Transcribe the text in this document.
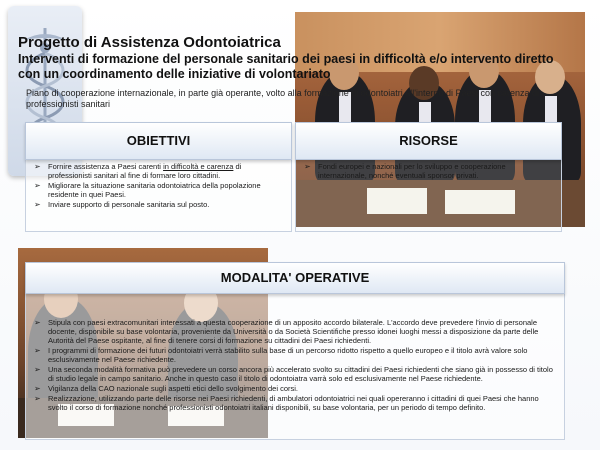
Progetto di Assistenza Odontoiatrica
Interventi di formazione del personale sanitario dei paesi in difficoltà e/o intervento diretto
con un coordinamento delle iniziative di volontariato
Piano di cooperazione internazionale, in parte già operante, volto alla formazione di odontoiatri all'interno di Paesi con carenza di professionisti sanitari
OBIETTIVI
➢ Fornire assistenza a Paesi carenti in difficoltà e carenza di professionisti sanitari al fine di formare loro cittadini.
➢ Migliorare la situazione sanitaria odontoiatrica della popolazione residente in quei Paesi.
➢ Inviare supporto di personale sanitaria sul posto.
RISORSE
➢ Fondi europei e nazionali per lo sviluppo e cooperazione internazionale, nonché eventuali sponsor privati.
MODALITA' OPERATIVE
➢ Stipula con paesi extracomunitari interessati a questa cooperazione di un apposito accordo bilaterale. L'accordo deve prevedere l'invio di personale docente, disponibile su base volontaria, proveniente da Università o da Società Scientifiche presso idonei luoghi messi a disposizione da parte delle Autorità del Paese ospitante, al fine di tenere corsi di formazione su cittadini dei Paesi richiedenti.
➢ I programmi di formazione dei futuri odontoiatri verrà stabilito sulla base di un percorso ridotto rispetto a quello europeo e il titolo avrà valore solo esclusivamente nel Paese richiedente.
➢ Una seconda modalità formativa può prevedere un corso ancora più accelerato svolto su cittadini dei Paesi richiedenti che siano già in possesso di titolo di studio legale in campo sanitario. Anche in questo caso il titolo di odontoiatra varrà solo ed esclusivamente nel Paese richiedente.
➢ Vigilanza della CAO nazionale sugli aspetti etici dello svolgimento dei corsi.
➢ Realizzazione, utilizzando parte delle risorse nei Paesi richiedenti, di ambulatori odontoiatrici nei quali opereranno i cittadini di quei Paesi che hanno svolto il corso di formazione nonché professionisti odontoiatri italiani disponibili, su base volontaria, per un periodo di tempo definito.
